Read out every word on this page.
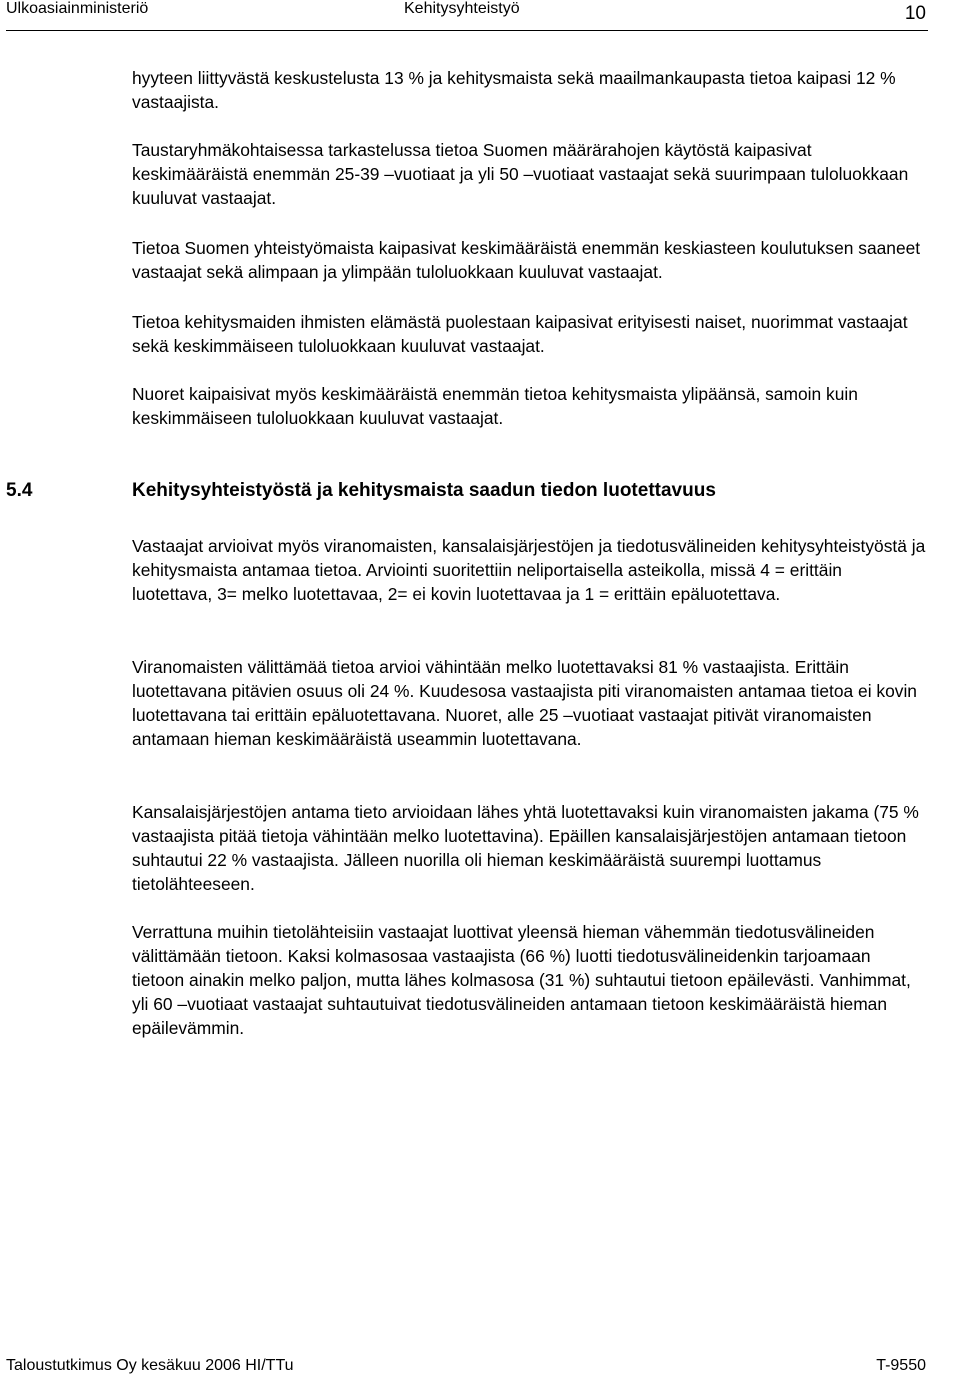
Ulkoasiainministeriö	Kehitysyhteistyö	10

hyyteen liittyvästä keskustelusta 13 % ja kehitysmaista sekä maailmankaupasta tietoa kaipasi 12 % vastaajista.

Taustaryhmäkohtaisessa tarkastelussa tietoa Suomen määrärahojen käytöstä kaipasivat keskimääräistä enemmän 25-39 –vuotiaat ja yli 50 –vuotiaat vastaajat sekä suurimpaan tuloluokkaan kuuluvat vastaajat.

Tietoa Suomen yhteistyömaista kaipasivat keskimääräistä enemmän keskiasteen koulutuksen saaneet vastaajat sekä alimpaan ja ylimpään tuloluokkaan kuuluvat vastaajat.

Tietoa kehitysmaiden ihmisten elämästä puolestaan kaipasivat erityisesti naiset, nuorimmat vastaajat sekä keskimmäiseen tuloluokkaan kuuluvat vastaajat.

Nuoret kaipaisivat myös keskimääräistä enemmän tietoa kehitysmaista ylipäänsä, samoin kuin keskimmäiseen tuloluokkaan kuuluvat vastaajat.

5.4	Kehitysyhteistyöstä ja kehitysmaista saadun tiedon luotettavuus

Vastaajat arvioivat myös viranomaisten, kansalaisjärjestöjen ja tiedotusvälineiden kehitysyhteistyöstä ja kehitysmaista antamaa tietoa. Arviointi suoritettiin neliportaisella asteikolla, missä 4 = erittäin luotettava, 3= melko luotettavaa, 2= ei kovin luotettavaa ja 1 = erittäin epäluotettava.

Viranomaisten välittämää tietoa arvioi vähintään melko luotettavaksi 81 % vastaajista. Erittäin luotettavana pitävien osuus oli 24 %. Kuudesosa vastaajista piti viranomaisten antamaa tietoa ei kovin luotettavana tai erittäin epäluotettavana. Nuoret, alle 25 –vuotiaat vastaajat pitivät viranomaisten antamaan hieman keskimääräistä useammin luotettavana.

Kansalaisjärjestöjen antama tieto arvioidaan lähes yhtä luotettavaksi kuin viranomaisten jakama (75 % vastaajista pitää tietoja vähintään melko luotettavina). Epäillen kansalaisjärjestöjen antamaan tietoon suhtautui 22 % vastaajista. Jälleen nuorilla oli hieman keskimääräistä suurempi luottamus tietolähteeseen.

Verrattuna muihin tietolähteisiin vastaajat luottivat yleensä hieman vähemmän tiedotusvälineiden välittämään tietoon. Kaksi kolmasosaa vastaajista (66 %) luotti tiedotusvälineidenkin tarjoamaan tietoon ainakin melko paljon, mutta lähes kolmasosa (31 %) suhtautui tietoon epäilevästi. Vanhimmat, yli 60 –vuotiaat vastaajat suhtautuivat tiedotusvälineiden antamaan tietoon keskimääräistä hieman epäilevämmin.

Taloustutkimus Oy kesäkuu 2006 HI/TTu	T-9550
